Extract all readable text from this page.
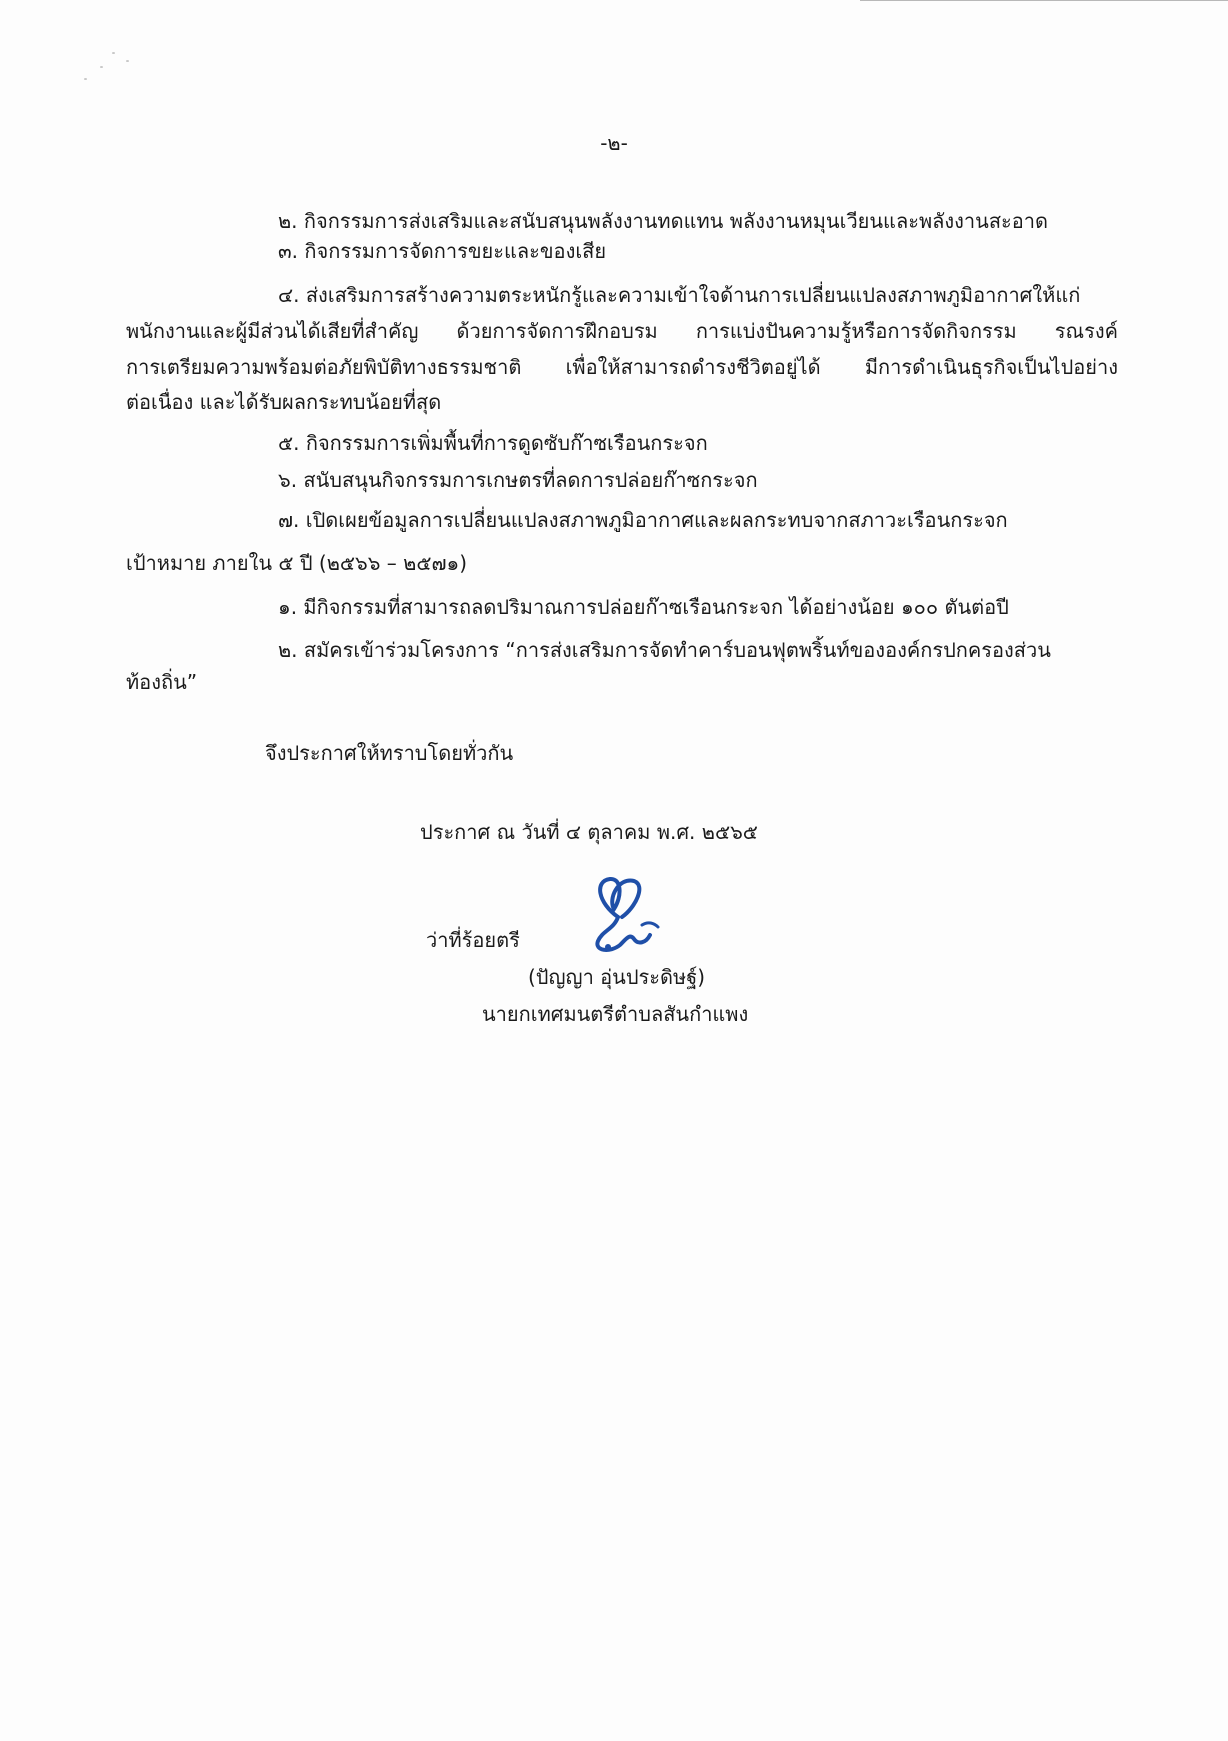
-๒-
๒. กิจกรรมการส่งเสริมและสนับสนุนพลังงานทดแทน พลังงานหมุนเวียนและพลังงานสะอาด
๓. กิจกรรมการจัดการขยะและของเสีย
๔. ส่งเสริมการสร้างความตระหนักรู้และความเข้าใจด้านการเปลี่ยนแปลงสภาพภูมิอากาศให้แก่
พนักงานและผู้มีส่วนได้เสียที่สำคัญ ด้วยการจัดการฝึกอบรม การแบ่งปันความรู้หรือการจัดกิจกรรม รณรงค์
การเตรียมความพร้อมต่อภัยพิบัติทางธรรมชาติ เพื่อให้สามารถดำรงชีวิตอยู่ได้ มีการดำเนินธุรกิจเป็นไปอย่าง
ต่อเนื่อง และได้รับผลกระทบน้อยที่สุด
๕. กิจกรรมการเพิ่มพื้นที่การดูดซับก๊าซเรือนกระจก
๖. สนับสนุนกิจกรรมการเกษตรที่ลดการปล่อยก๊าซกระจก
๗. เปิดเผยข้อมูลการเปลี่ยนแปลงสภาพภูมิอากาศและผลกระทบจากสภาวะเรือนกระจก
เป้าหมาย ภายใน ๕ ปี (๒๕๖๖ – ๒๕๗๑)
๑. มีกิจกรรมที่สามารถลดปริมาณการปล่อยก๊าซเรือนกระจก ได้อย่างน้อย ๑๐๐ ตันต่อปี
๒. สมัครเข้าร่วมโครงการ “การส่งเสริมการจัดทำคาร์บอนฟุตพริ้นท์ขององค์กรปกครองส่วน
ท้องถิ่น”
จึงประกาศให้ทราบโดยทั่วกัน
ประกาศ ณ วันที่ ๔ ตุลาคม พ.ศ. ๒๕๖๕
ว่าที่ร้อยตรี
(ปัญญา อุ่นประดิษฐ์)
นายกเทศมนตรีตำบลสันกำแพง
